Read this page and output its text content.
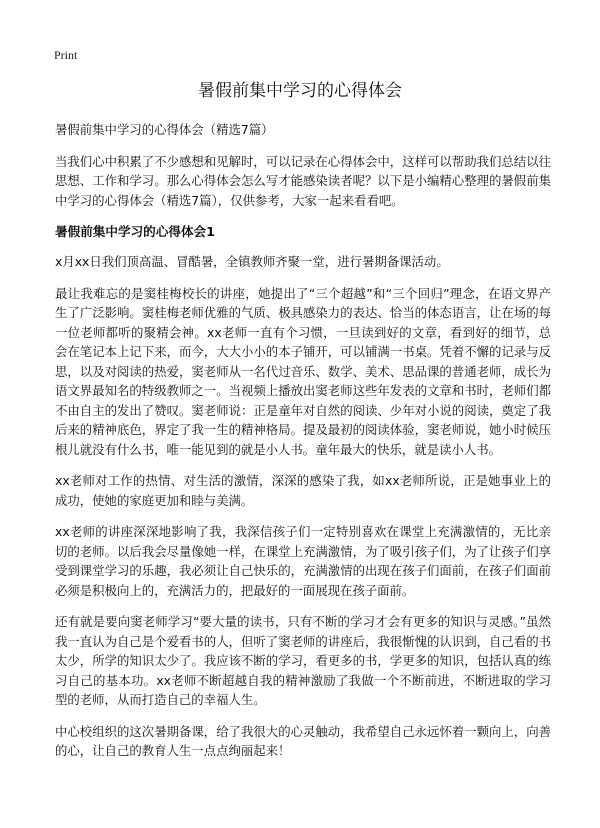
Print
暑假前集中学习的心得体会

暑假前集中学习的心得体会（精选7篇）

当我们心中积累了不少感想和见解时，可以记录在心得体会中，这样可以帮助我们总结以往思想、工作和学习。那么心得体会怎么写才能感染读者呢？以下是小编精心整理的暑假前集中学习的心得体会（精选7篇），仅供参考，大家一起来看看吧。

暑假前集中学习的心得体会1

x月xx日我们顶高温、冒酷暑，全镇教师齐聚一堂，进行暑期备课活动。

最让我难忘的是窦桂梅校长的讲座，她提出了“三个超越”和“三个回归”理念，在语文界产生了广泛影响。窦桂梅老师优雅的气质、极具感染力的表达、恰当的体态语言，让在场的每一位老师都听的聚精会神。xx老师一直有个习惯，一旦读到好的文章，看到好的细节，总会在笔记本上记下来，而今，大大小小的本子铺开，可以铺满一书桌。凭着不懈的记录与反思，以及对阅读的热爱，窦老师从一名代过音乐、数学、美术、思品课的普通老师，成长为语文界最知名的特级教师之一。当视频上播放出窦老师这些年发表的文章和书时，老师们都不由自主的发出了赞叹。窦老师说：正是童年对自然的阅读、少年对小说的阅读，奠定了我后来的精神底色，界定了我一生的精神格局。提及最初的阅读体验，窦老师说，她小时候压根儿就没有什么书，唯一能见到的就是小人书。童年最大的快乐，就是读小人书。

xx老师对工作的热情、对生活的激情，深深的感染了我，如xx老师所说，正是她事业上的成功，使她的家庭更加和睦与美满。

xx老师的讲座深深地影响了我，我深信孩子们一定特别喜欢在课堂上充满激情的，无比亲切的老师。以后我会尽量像她一样，在课堂上充满激情，为了吸引孩子们，为了让孩子们享受到课堂学习的乐趣，我必须让自己快乐的，充满激情的出现在孩子们面前，在孩子们面前必须是积极向上的，充满活力的，把最好的一面展现在孩子面前。

还有就是要向窦老师学习“要大量的读书，只有不断的学习才会有更多的知识与灵感。”虽然我一直认为自己是个爱看书的人，但听了窦老师的讲座后，我很惭愧的认识到，自己看的书太少，所学的知识太少了。我应该不断的学习，看更多的书，学更多的知识，包括认真的练习自己的基本功。xx老师不断超越自我的精神激励了我做一个不断前进，不断进取的学习型的老师，从而打造自己的幸福人生。

中心校组织的这次暑期备课，给了我很大的心灵触动，我希望自己永远怀着一颗向上，向善的心，让自己的教育人生一点点绚丽起来！
